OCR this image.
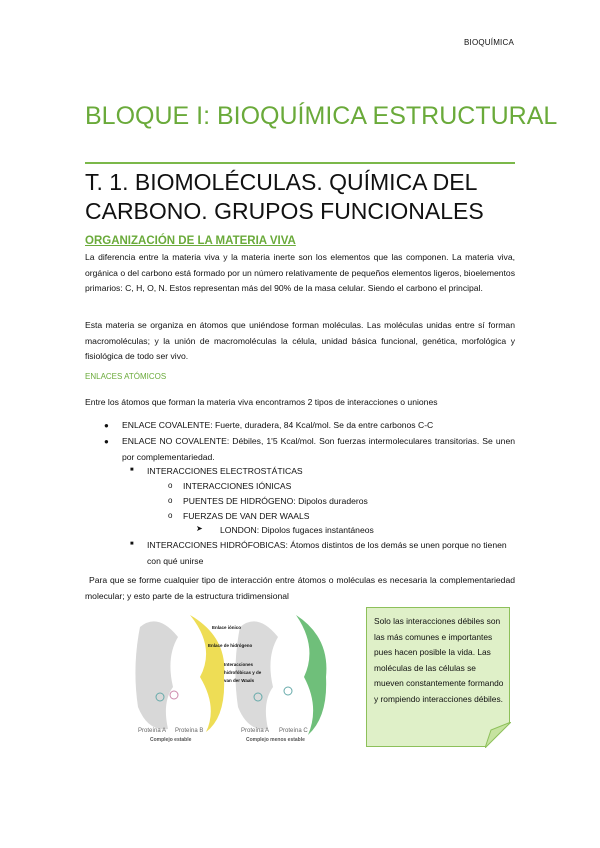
BIOQUÍMICA
BLOQUE I: BIOQUÍMICA ESTRUCTURAL
T. 1. BIOMOLÉCULAS. QUÍMICA DEL CARBONO. GRUPOS FUNCIONALES
ORGANIZACIÓN DE LA MATERIA VIVA
La diferencia entre la materia viva y la materia inerte son los elementos que las componen. La materia viva, orgánica o del carbono está formado por un número relativamente de pequeños elementos ligeros, bioelementos primarios: C, H, O, N. Estos representan más del 90% de la masa celular. Siendo el carbono el principal.
Esta materia se organiza en átomos que uniéndose forman moléculas. Las moléculas unidas entre sí forman macromoléculas; y la unión de macromoléculas la célula, unidad básica funcional, genética, morfológica y fisiológica de todo ser vivo.
ENLACES ATÓMICOS
Entre los átomos que forman la materia viva encontramos 2 tipos de interacciones o uniones
● ENLACE COVALENTE: Fuerte, duradera, 84 Kcal/mol. Se da entre carbonos C-C
● ENLACE NO COVALENTE: Débiles, 1'5 Kcal/mol. Son fuerzas intermoleculares transitorias. Se unen por complementariedad.
■ INTERACCIONES ELECTROSTÁTICAS
o INTERACCIONES IÓNICAS
o PUENTES DE HIDRÓGENO: Dipolos duraderos
o FUERZAS DE VAN DER WAALS
➤ LONDON: Dipolos fugaces instantáneos
■ INTERACCIONES HIDRÓFOBICAS: Átomos distintos de los demás se unen porque no tienen con qué unirse
Para que se forme cualquier tipo de interacción entre átomos o moléculas es necesaria la complementariedad molecular; y esto parte de la estructura tridimensional
Enlace iónico
Enlace de hidrógeno
Interacciones hidrofóbicas y de van der Waals
Proteína A Proteína B	Proteína A Proteína C
Complejo estable	Complejo menos estable
Solo las interacciones débiles son las más comunes e importantes pues hacen posible la vida. Las moléculas de las células se mueven constantemente formando y rompiendo interacciones débiles.
